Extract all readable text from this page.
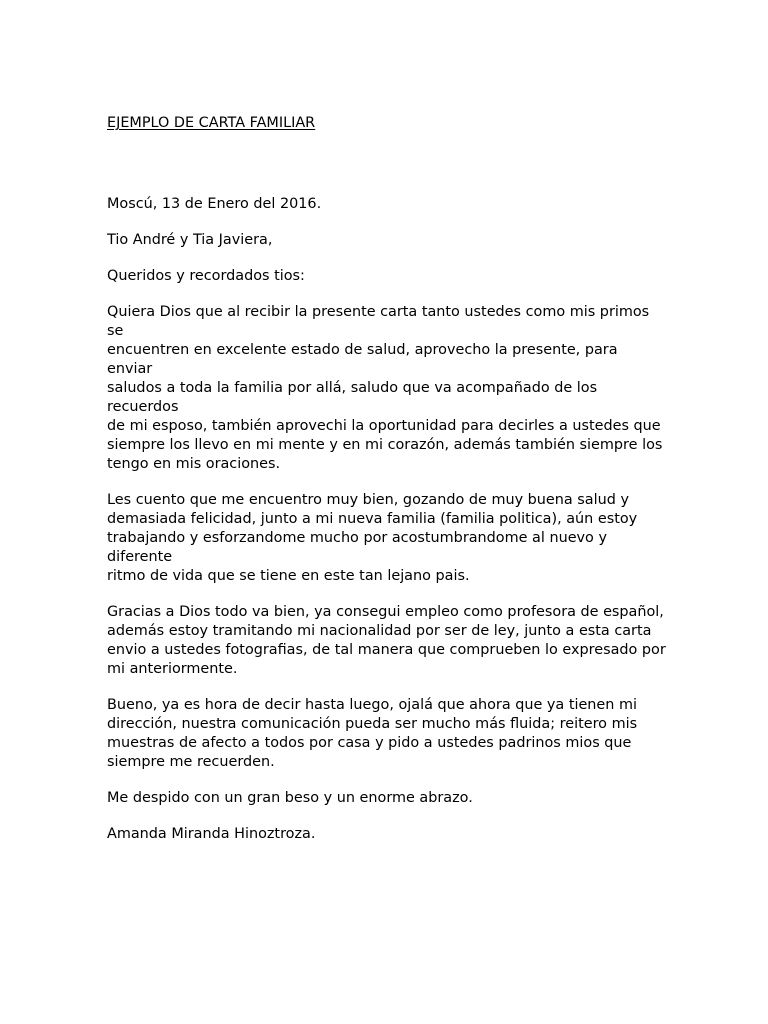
EJEMPLO DE CARTA FAMILIAR

Moscú, 13 de Enero del 2016.

Tio André y Tia Javiera,

Queridos y recordados tios:

Quiera Dios que al recibir la presente carta tanto ustedes como mis primos se
encuentren en excelente estado de salud, aprovecho la presente, para enviar
saludos a toda la familia por allá, saludo que va acompañado de los recuerdos
de mi esposo, también aprovechi la oportunidad para decirles a ustedes que
siempre los llevo en mi mente y en mi corazón, además también siempre los
tengo en mis oraciones.

Les cuento que me encuentro muy bien, gozando de muy buena salud y
demasiada felicidad, junto a mi nueva familia (familia politica), aún estoy
trabajando y esforzandome mucho por acostumbrandome al nuevo y diferente
ritmo de vida que se tiene en este tan lejano pais.

Gracias a Dios todo va bien, ya consegui empleo como profesora de español,
además estoy tramitando mi nacionalidad por ser de ley, junto a esta carta
envio a ustedes fotografias, de tal manera que comprueben lo expresado por
mi anteriormente.

Bueno, ya es hora de decir hasta luego, ojalá que ahora que ya tienen mi
dirección, nuestra comunicación pueda ser mucho más fluida; reitero mis
muestras de afecto a todos por casa y pido a ustedes padrinos mios que
siempre me recuerden.

Me despido con un gran beso y un enorme abrazo.

Amanda Miranda Hinoztroza.
